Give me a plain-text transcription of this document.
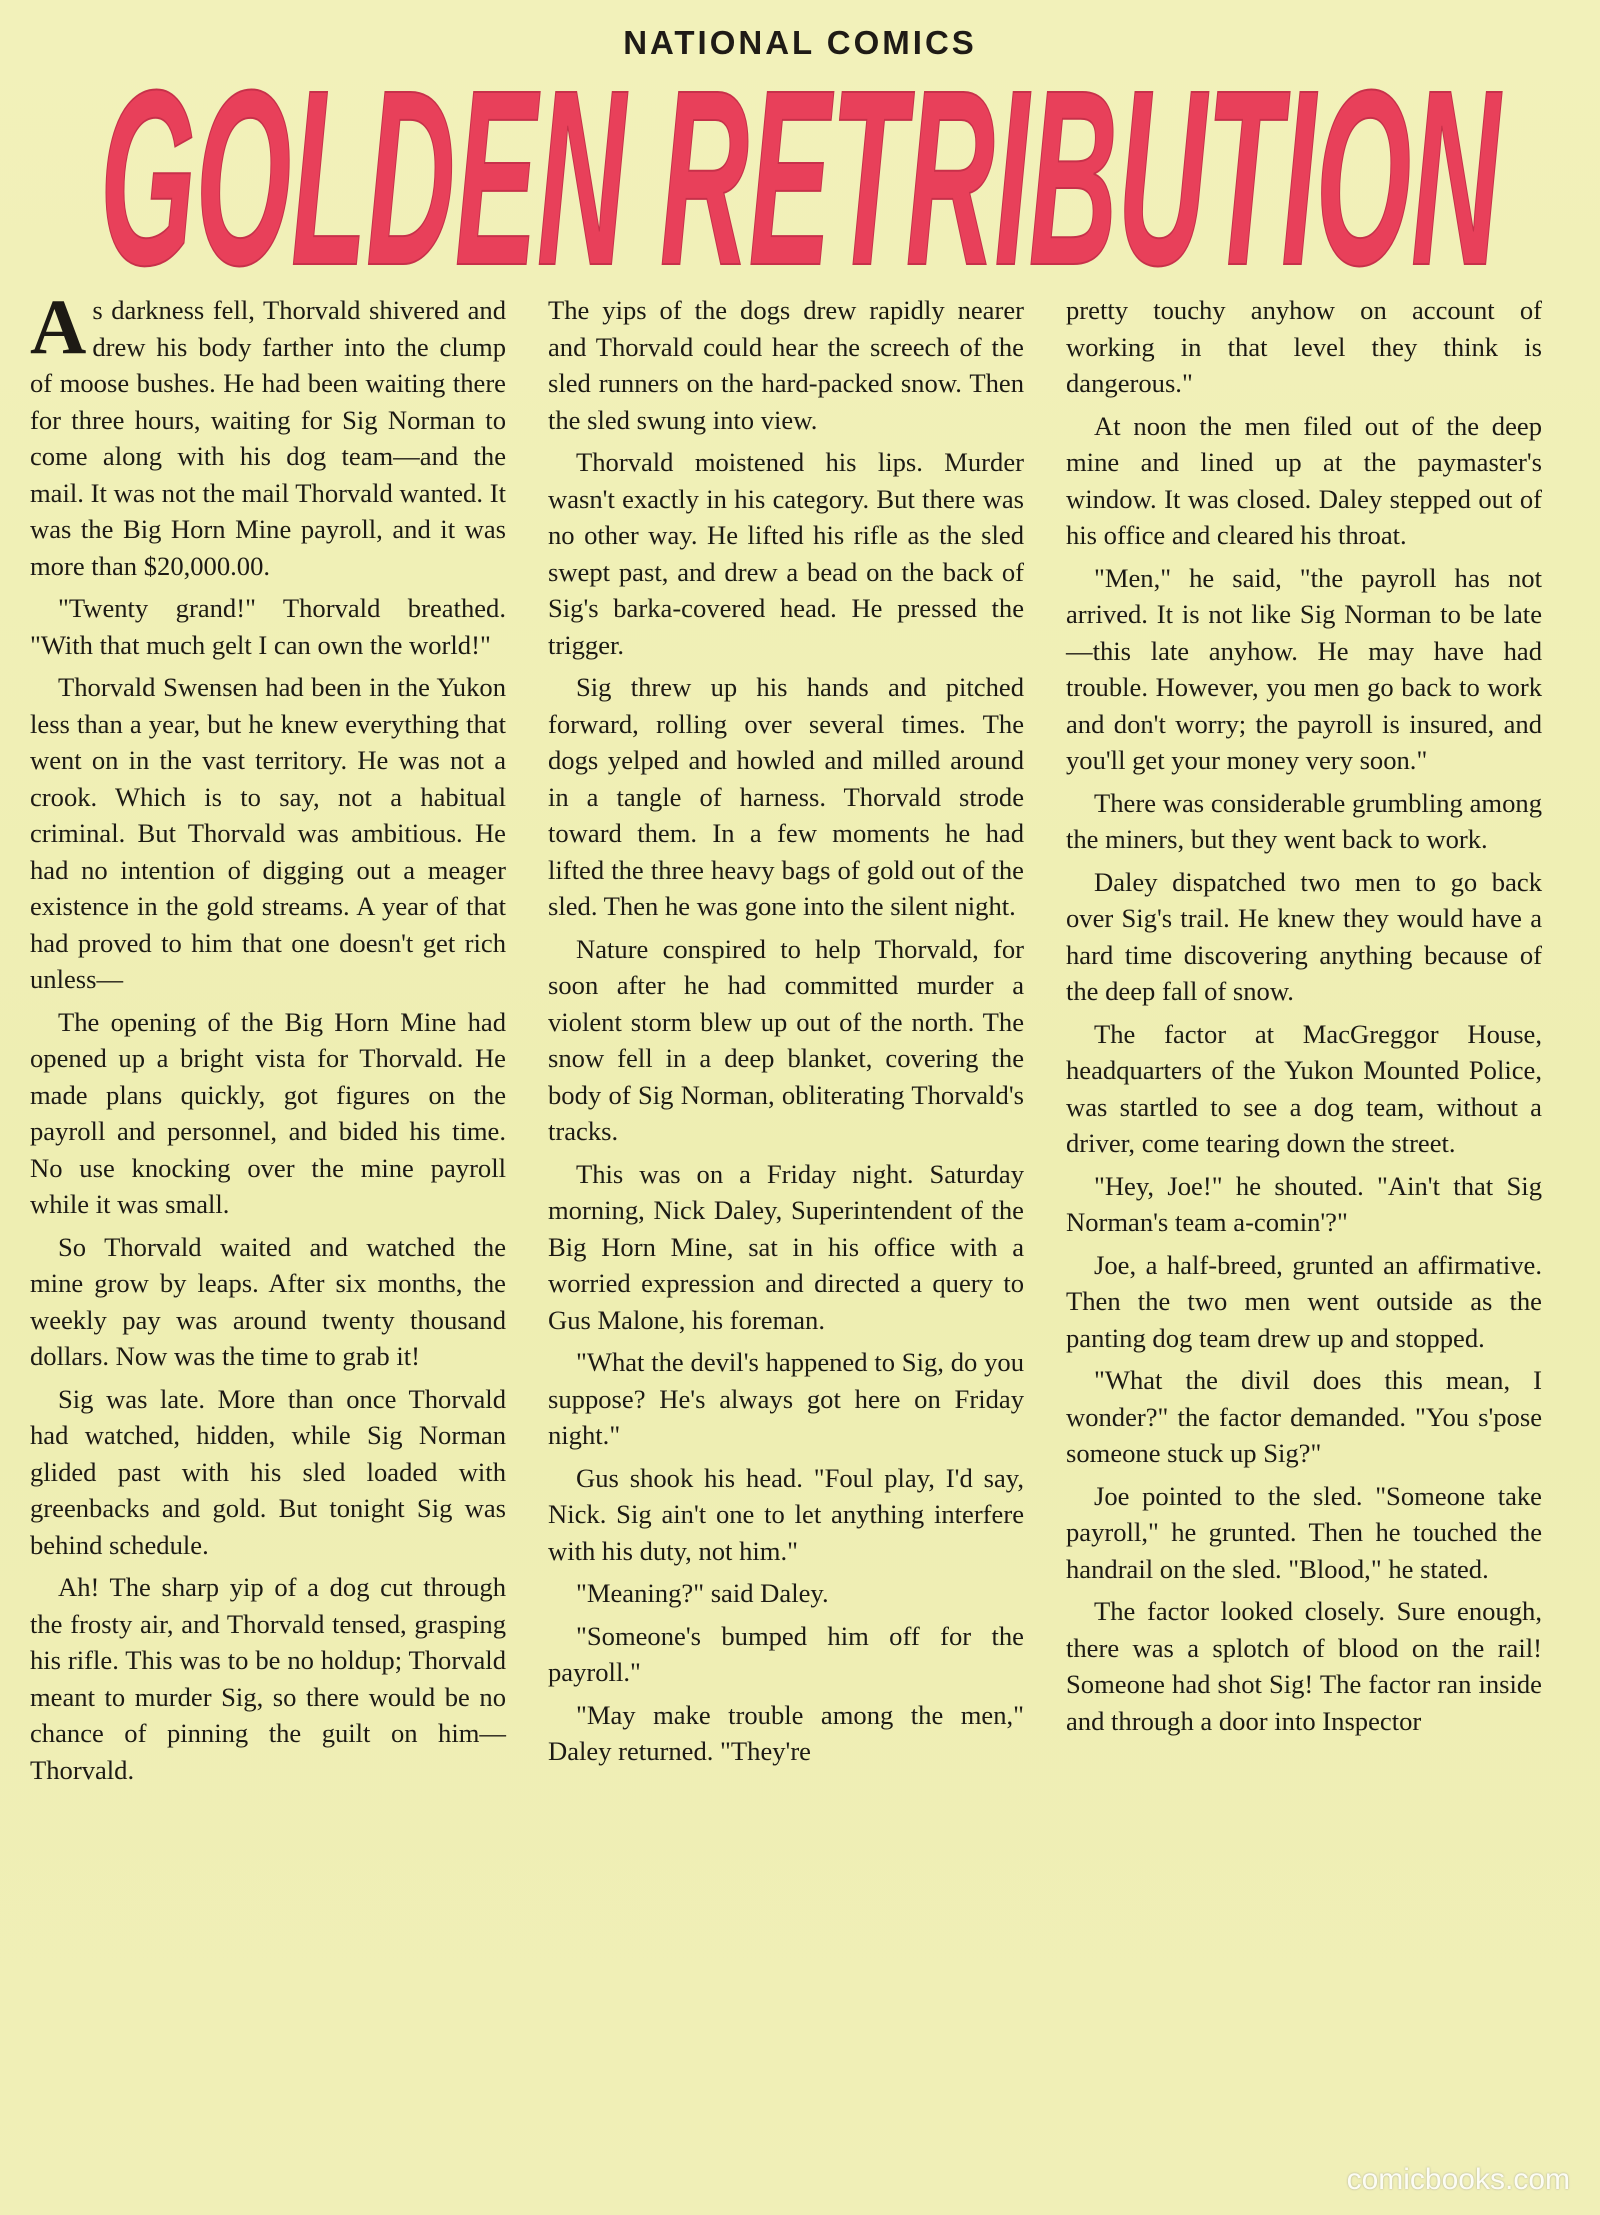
NATIONAL COMICS
GOLDEN RETRIBUTION

As darkness fell, Thorvald shivered and drew his body farther into the clump of moose bushes. He had been waiting there for three hours, waiting for Sig Norman to come along with his dog team—and the mail. It was not the mail Thorvald wanted. It was the Big Horn Mine payroll, and it was more than $20,000.00.

"Twenty grand!" Thorvald breathed. "With that much gelt I can own the world!"

Thorvald Swensen had been in the Yukon less than a year, but he knew everything that went on in the vast territory. He was not a crook. Which is to say, not a habitual criminal. But Thorvald was ambitious. He had no intention of digging out a meager existence in the gold streams. A year of that had proved to him that one doesn't get rich unless—

The opening of the Big Horn Mine had opened up a bright vista for Thorvald. He made plans quickly, got figures on the payroll and personnel, and bided his time. No use knocking over the mine payroll while it was small.

So Thorvald waited and watched the mine grow by leaps. After six months, the weekly pay was around twenty thousand dollars. Now was the time to grab it!

Sig was late. More than once Thorvald had watched, hidden, while Sig Norman glided past with his sled loaded with greenbacks and gold. But tonight Sig was behind schedule.

Ah! The sharp yip of a dog cut through the frosty air, and Thorvald tensed, grasping his rifle. This was to be no holdup; Thorvald meant to murder Sig, so there would be no chance of pinning the guilt on him—Thorvald.

The yips of the dogs drew rapidly nearer and Thorvald could hear the screech of the sled runners on the hard-packed snow. Then the sled swung into view.

Thorvald moistened his lips. Murder wasn't exactly in his category. But there was no other way. He lifted his rifle as the sled swept past, and drew a bead on the back of Sig's barka-covered head. He pressed the trigger.

Sig threw up his hands and pitched forward, rolling over several times. The dogs yelped and howled and milled around in a tangle of harness. Thorvald strode toward them. In a few moments he had lifted the three heavy bags of gold out of the sled. Then he was gone into the silent night.

Nature conspired to help Thorvald, for soon after he had committed murder a violent storm blew up out of the north. The snow fell in a deep blanket, covering the body of Sig Norman, obliterating Thorvald's tracks.

This was on a Friday night. Saturday morning, Nick Daley, Superintendent of the Big Horn Mine, sat in his office with a worried expression and directed a query to Gus Malone, his foreman.

"What the devil's happened to Sig, do you suppose? He's always got here on Friday night."

Gus shook his head. "Foul play, I'd say, Nick. Sig ain't one to let anything interfere with his duty, not him."

"Meaning?" said Daley.

"Someone's bumped him off for the payroll."

"May make trouble among the men," Daley returned. "They're

pretty touchy anyhow on account of working in that level they think is dangerous."

At noon the men filed out of the deep mine and lined up at the paymaster's window. It was closed. Daley stepped out of his office and cleared his throat.

"Men," he said, "the payroll has not arrived. It is not like Sig Norman to be late—this late anyhow. He may have had trouble. However, you men go back to work and don't worry; the payroll is insured, and you'll get your money very soon."

There was considerable grumbling among the miners, but they went back to work.

Daley dispatched two men to go back over Sig's trail. He knew they would have a hard time discovering anything because of the deep fall of snow.

The factor at MacGreggor House, headquarters of the Yukon Mounted Police, was startled to see a dog team, without a driver, come tearing down the street.

"Hey, Joe!" he shouted. "Ain't that Sig Norman's team a-comin'?"

Joe, a half-breed, grunted an affirmative. Then the two men went outside as the panting dog team drew up and stopped.

"What the divil does this mean, I wonder?" the factor demanded. "You s'pose someone stuck up Sig?"

Joe pointed to the sled. "Someone take payroll," he grunted. Then he touched the handrail on the sled. "Blood," he stated.

The factor looked closely. Sure enough, there was a splotch of blood on the rail! Someone had shot Sig! The factor ran inside and through a door into Inspector

comicbooks.com
